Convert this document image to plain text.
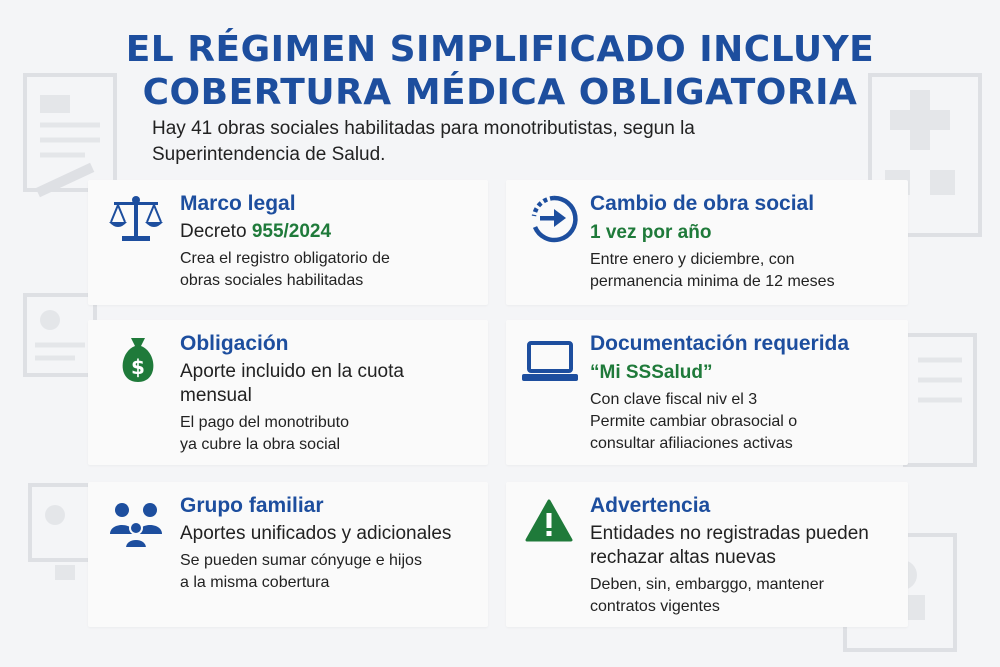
EL RÉGIMEN SIMPLIFICADO INCLUYE
COBERTURA MÉDICA OBLIGATORIA
Hay 41 obras sociales habilitadas para monotributistas, segun la
Superintendencia de Salud.
Marco legal
Decreto 955/2024
Crea el registro obligatorio de
obras sociales habilitadas
Cambio de obra social
1 vez por año
Entre enero y diciembre, con
permanencia minima de 12 meses
$
Obligación
Aporte incluido en la cuota
mensual
El pago del monotributo
ya cubre la obra social
Documentación requerida
“Mi SSSalud”
Con clave fiscal niv el 3
Permite cambiar obrasocial o
consultar afiliaciones activas
Grupo familiar
Aportes unificados y adicionales
Se pueden sumar cónyuge e hijos
a la misma cobertura
Advertencia
Entidades no registradas pueden
rechazar altas nuevas
Deben, sin, embarggo, mantener
contratos vigentes
